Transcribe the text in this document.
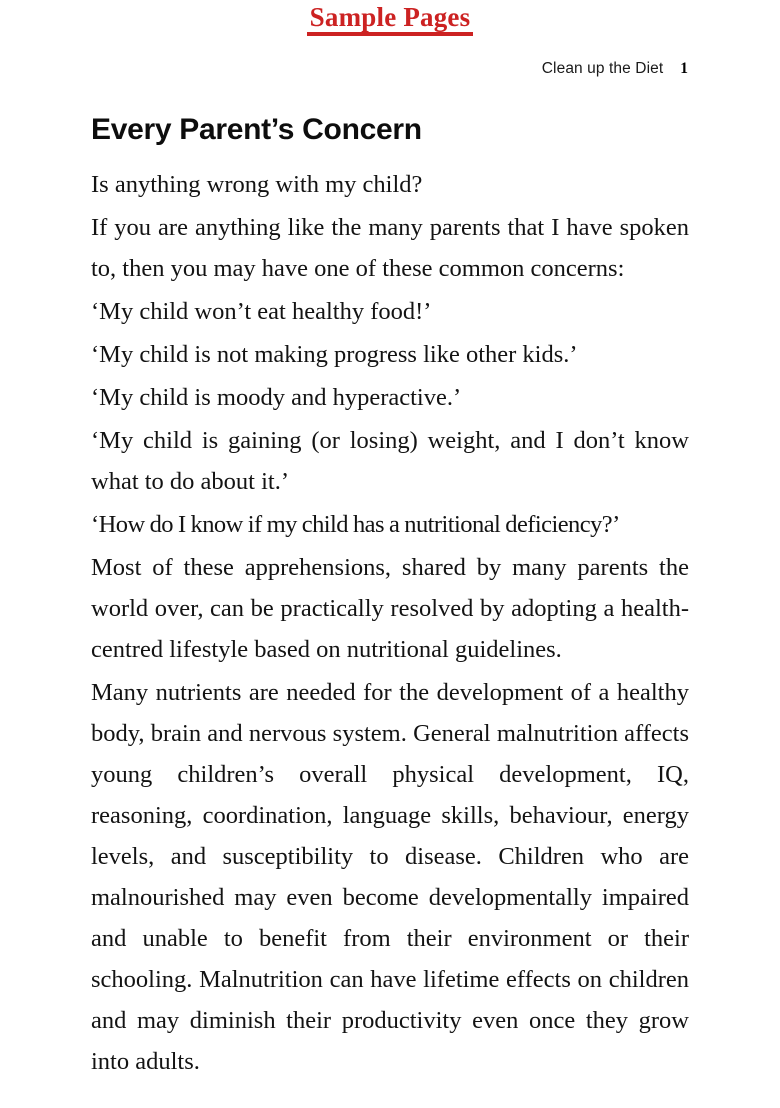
Sample Pages
Clean up the Diet 1
Every Parent’s Concern

Is anything wrong with my child?

If you are anything like the many parents that I have spoken to, then you may have one of these common concerns:

‘My child won’t eat healthy food!’

‘My child is not making progress like other kids.’

‘My child is moody and hyperactive.’

‘My child is gaining (or losing) weight, and I don’t know what to do about it.’

‘How do I know if my child has a nutritional deficiency?’

Most of these apprehensions, shared by many parents the world over, can be practically resolved by adopting a health-centred lifestyle based on nutritional guidelines.

Many nutrients are needed for the development of a healthy body, brain and nervous system. General malnutrition affects young children’s overall physical development, IQ, reasoning, coordination, language skills, behaviour, energy levels, and susceptibility to disease. Children who are malnourished may even become developmentally impaired and unable to benefit from their environment or their schooling. Malnutrition can have lifetime effects on children and may diminish their productivity even once they grow into adults.
